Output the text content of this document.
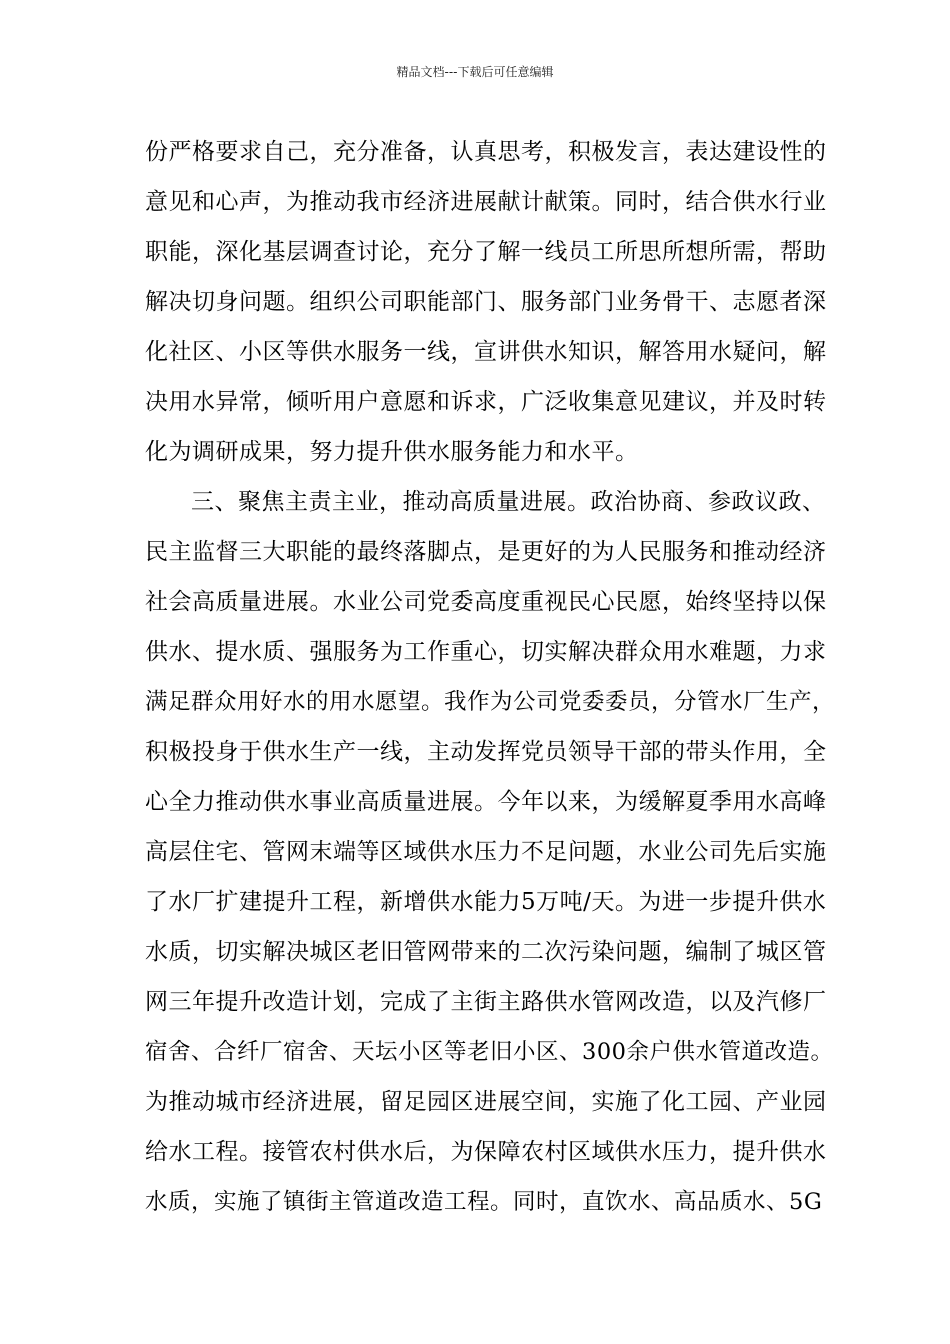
精品文档---下载后可任意编辑
份严格要求自己，充分准备，认真思考，积极发言，表达建设性的
意见和心声，为推动我市经济进展献计献策。同时，结合供水行业
职能，深化基层调查讨论，充分了解一线员工所思所想所需，帮助
解决切身问题。组织公司职能部门、服务部门业务骨干、志愿者深
化社区、小区等供水服务一线，宣讲供水知识，解答用水疑问，解
决用水异常，倾听用户意愿和诉求，广泛收集意见建议，并及时转
化为调研成果，努力提升供水服务能力和水平。
三、聚焦主责主业，推动高质量进展。政治协商、参政议政、
民主监督三大职能的最终落脚点，是更好的为人民服务和推动经济
社会高质量进展。水业公司党委高度重视民心民愿，始终坚持以保
供水、提水质、强服务为工作重心，切实解决群众用水难题，力求
满足群众用好水的用水愿望。我作为公司党委委员，分管水厂生产，
积极投身于供水生产一线，主动发挥党员领导干部的带头作用，全
心全力推动供水事业高质量进展。今年以来，为缓解夏季用水高峰
高层住宅、管网末端等区域供水压力不足问题，水业公司先后实施
了水厂扩建提升工程，新增供水能力5万吨/天。为进一步提升供水
水质，切实解决城区老旧管网带来的二次污染问题，编制了城区管
网三年提升改造计划，完成了主街主路供水管网改造，以及汽修厂
宿舍、合纤厂宿舍、天坛小区等老旧小区、300余户供水管道改造。
为推动城市经济进展，留足园区进展空间，实施了化工园、产业园
给水工程。接管农村供水后，为保障农村区域供水压力，提升供水
水质，实施了镇街主管道改造工程。同时，直饮水、高品质水、5G
